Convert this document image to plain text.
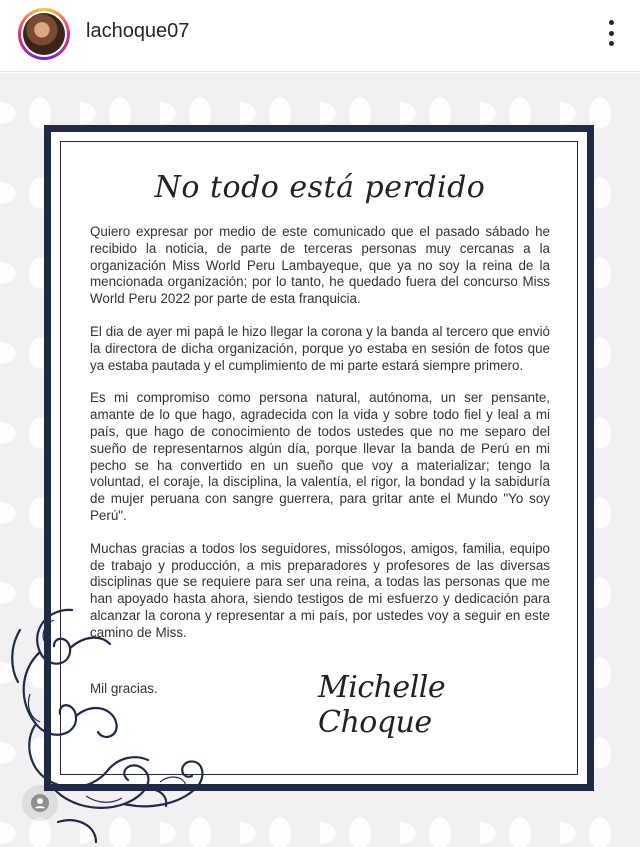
lachoque07
No todo está perdido

Quiero expresar por medio de este comunicado que el pasado sábado he recibido la noticia, de parte de terceras personas muy cercanas a la organización Miss World Peru Lambayeque, que ya no soy la reina de la mencionada organización; por lo tanto, he quedado fuera del concurso Miss World Peru 2022 por parte de esta franquicia.

El dia de ayer mi papá le hizo llegar la corona y la banda al tercero que envió la directora de dicha organización, porque yo estaba en sesión de fotos que ya estaba pautada y el cumplimiento de mi parte estará siempre primero.

Es mi compromiso como persona natural, autónoma, un ser pensante, amante de lo que hago, agradecida con la vida y sobre todo fiel y leal a mi país, que hago de conocimiento de todos ustedes que no me separo del sueño de representarnos algún día, porque llevar la banda de Perú en mi pecho se ha convertido en un sueño que voy a materializar; tengo la voluntad, el coraje, la disciplina, la valentía, el rigor, la bondad y la sabiduría de mujer peruana con sangre guerrera, para gritar ante el Mundo "Yo soy Perú".

Muchas gracias a todos los seguidores, missólogos, amigos, familia, equipo de trabajo y producción, a mis preparadores y profesores de las diversas disciplinas que se requiere para ser una reina, a todas las personas que me han apoyado hasta ahora, siendo testigos de mi esfuerzo y dedicación para alcanzar la corona y representar a mi país, por ustedes voy a seguir en este camino de Miss.

Mil gracias.	Michelle Choque
